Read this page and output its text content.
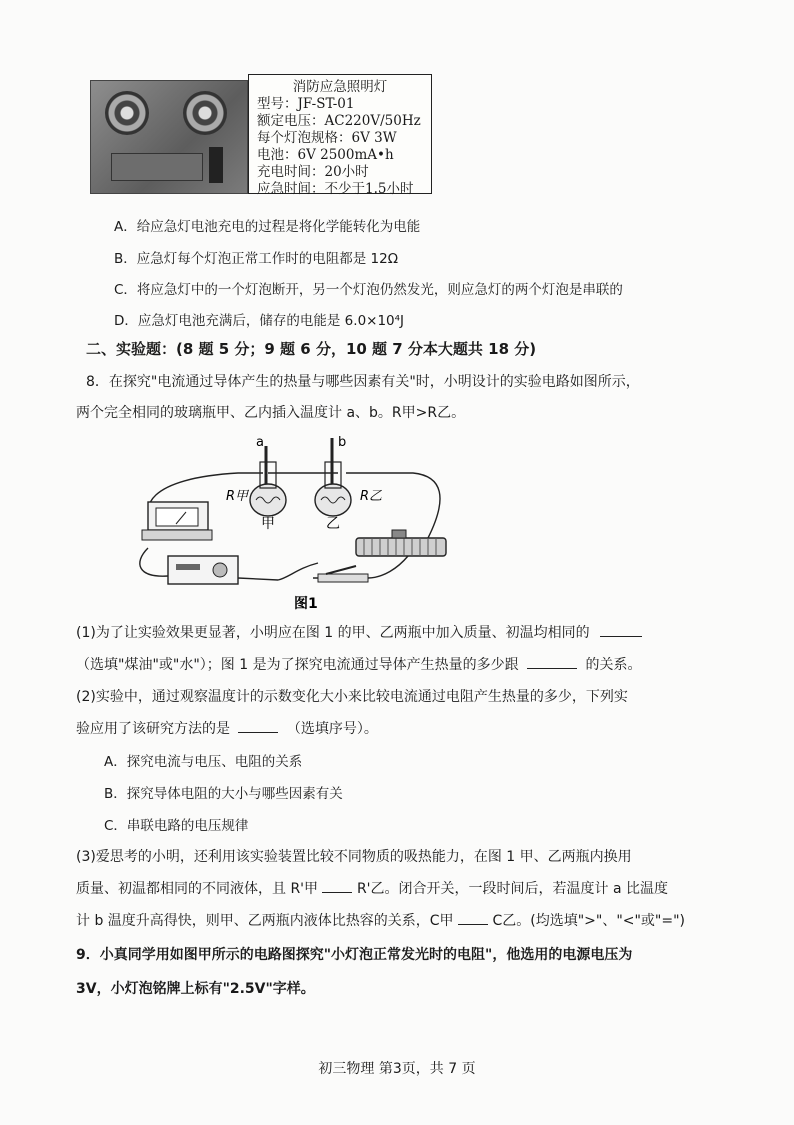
消防应急照明灯
型号：JF-ST-01
额定电压：AC220V/50Hz
每个灯泡规格：6V 3W
电池：6V 2500mA•h
充电时间：20小时
应急时间：不少于1.5小时
A．给应急灯电池充电的过程是将化学能转化为电能
B．应急灯每个灯泡正常工作时的电阻都是 12Ω
C．将应急灯中的一个灯泡断开，另一个灯泡仍然发光，则应急灯的两个灯泡是串联的
D．应急灯电池充满后，储存的电能是 6.0×10⁴J
二、实验题：(8 题 5 分；9 题 6 分，10 题 7 分本大题共 18 分)
8．在探究"电流通过导体产生的热量与哪些因素有关"时，小明设计的实验电路如图所示，
两个完全相同的玻璃瓶甲、乙内插入温度计 a、b。R甲>R乙。
a	b
R甲	R乙
甲	乙
图1
(1)为了让实验效果更显著，小明应在图 1 的甲、乙两瓶中加入质量、初温均相同的
（选填"煤油"或"水"）；图 1 是为了探究电流通过导体产生热量的多少跟	的关系。
(2)实验中，通过观察温度计的示数变化大小来比较电流通过电阻产生热量的多少，下列实
验应用了该研究方法的是	（选填序号）。
A．探究电流与电压、电阻的关系
B．探究导体电阻的大小与哪些因素有关
C．串联电路的电压规律
(3)爱思考的小明，还利用该实验装置比较不同物质的吸热能力，在图 1 甲、乙两瓶内换用
质量、初温都相同的不同液体，且 R'甲	R'乙。闭合开关，一段时间后，若温度计 a 比温度
计 b 温度升高得快，则甲、乙两瓶内液体比热容的关系，C甲	C乙。(均选填">"、"<"或"=")
9．小真同学用如图甲所示的电路图探究"小灯泡正常发光时的电阻"，他选用的电源电压为
3V，小灯泡铭牌上标有"2.5V"字样。
初三物理 第3页，共 7 页
